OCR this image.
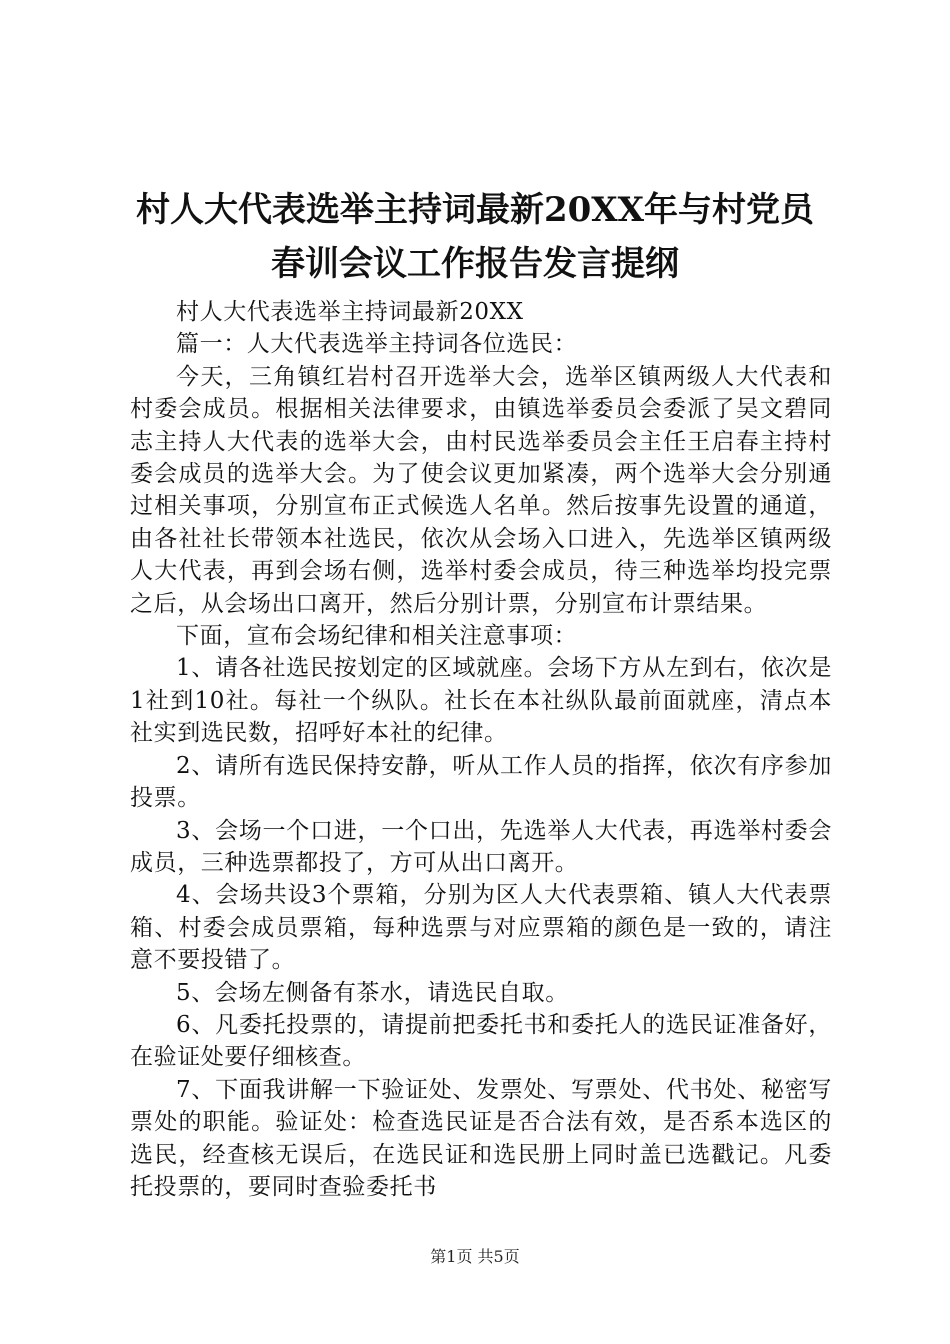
村人大代表选举主持词最新20XX年与村党员
春训会议工作报告发言提纲

村人大代表选举主持词最新20XX

篇一：人大代表选举主持词各位选民：

今天，三角镇红岩村召开选举大会，选举区镇两级人大代表和村委会成员。根据相关法律要求，由镇选举委员会委派了吴文碧同志主持人大代表的选举大会，由村民选举委员会主任王启春主持村委会成员的选举大会。为了使会议更加紧凑，两个选举大会分别通过相关事项，分别宣布正式候选人名单。然后按事先设置的通道，由各社社长带领本社选民，依次从会场入口进入，先选举区镇两级人大代表，再到会场右侧，选举村委会成员，待三种选举均投完票之后，从会场出口离开，然后分别计票，分别宣布计票结果。

下面，宣布会场纪律和相关注意事项：

1、请各社选民按划定的区域就座。会场下方从左到右，依次是1社到10社。每社一个纵队。社长在本社纵队最前面就座，清点本社实到选民数，招呼好本社的纪律。

2、请所有选民保持安静，听从工作人员的指挥，依次有序参加投票。

3、会场一个口进，一个口出，先选举人大代表，再选举村委会成员，三种选票都投了，方可从出口离开。

4、会场共设3个票箱，分别为区人大代表票箱、镇人大代表票箱、村委会成员票箱，每种选票与对应票箱的颜色是一致的，请注意不要投错了。

5、会场左侧备有茶水，请选民自取。

6、凡委托投票的，请提前把委托书和委托人的选民证准备好，在验证处要仔细核查。

7、下面我讲解一下验证处、发票处、写票处、代书处、秘密写票处的职能。验证处：检查选民证是否合法有效，是否系本选区的选民，经查核无误后，在选民证和选民册上同时盖已选戳记。凡委托投票的，要同时查验委托书

第1页 共5页
